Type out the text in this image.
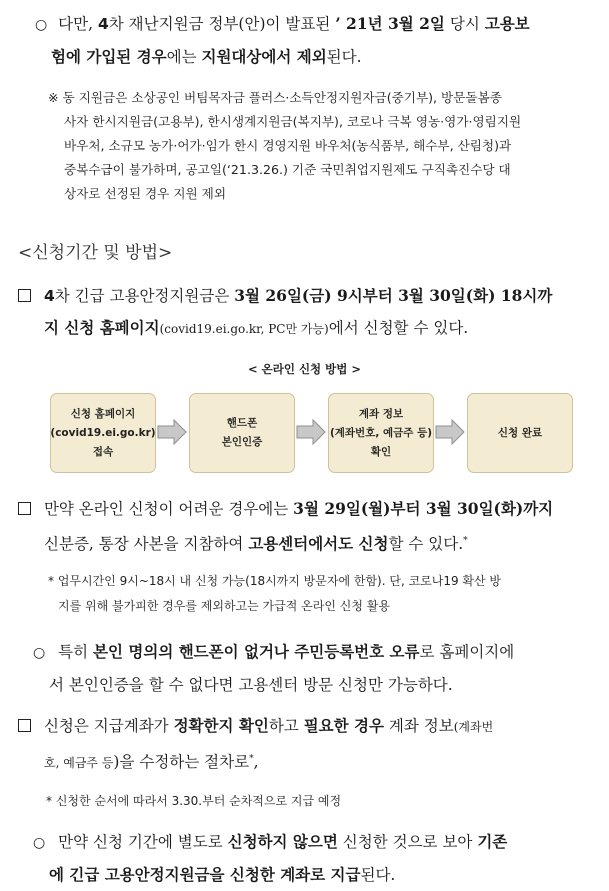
○ 다만, 4차 재난지원금 정부(안)이 발표된 ’ 21년 3월 2일 당시 고용보
험에 가입된 경우에는 지원대상에서 제외된다.
※ 동 지원금은 소상공인 버팀목자금 플러스·소득안정지원자금(중기부), 방문돌봄종
사자 한시지원금(고용부), 한시생계지원금(복지부), 코로나 극복 영농·영가·영림지원
바우처, 소규모 농가·어가·임가 한시 경영지원 바우처(농식품부, 해수부, 산림청)과
중복수급이 불가하며, 공고일(‘21.3.26.) 기준 국민취업지원제도 구직촉진수당 대
상자로 선정된 경우 지원 제외
<신청기간 및 방법>
4차 긴급 고용안정지원금은 3월 26일(금) 9시부터 3월 30일(화) 18시까
지 신청 홈페이지(covid19.ei.go.kr, PC만 가능)에서 신청할 수 있다.
< 온라인 신청 방법 >
신청 홈페이지
(covid19.ei.go.kr)
접속
핸드폰
본인인증
계좌 정보
(계좌번호, 예금주 등)
확인
신청 완료
만약 온라인 신청이 어려운 경우에는 3월 29일(월)부터 3월 30일(화)까지
신분증, 통장 사본을 지참하여 고용센터에서도 신청할 수 있다.*
* 업무시간인 9시~18시 내 신청 가능(18시까지 방문자에 한함). 단, 코로나19 확산 방
지를 위해 불가피한 경우를 제외하고는 가급적 온라인 신청 활용
○ 특히 본인 명의의 핸드폰이 없거나 주민등록번호 오류로 홈페이지에
서 본인인증을 할 수 없다면 고용센터 방문 신청만 가능하다.
신청은 지급계좌가 정확한지 확인하고 필요한 경우 계좌 정보(계좌번
호, 예금주 등)을 수정하는 절차로*,
* 신청한 순서에 따라서 3.30.부터 순차적으로 지급 예정
○ 만약 신청 기간에 별도로 신청하지 않으면 신청한 것으로 보아 기존
에 긴급 고용안정지원금을 신청한 계좌로 지급된다.
